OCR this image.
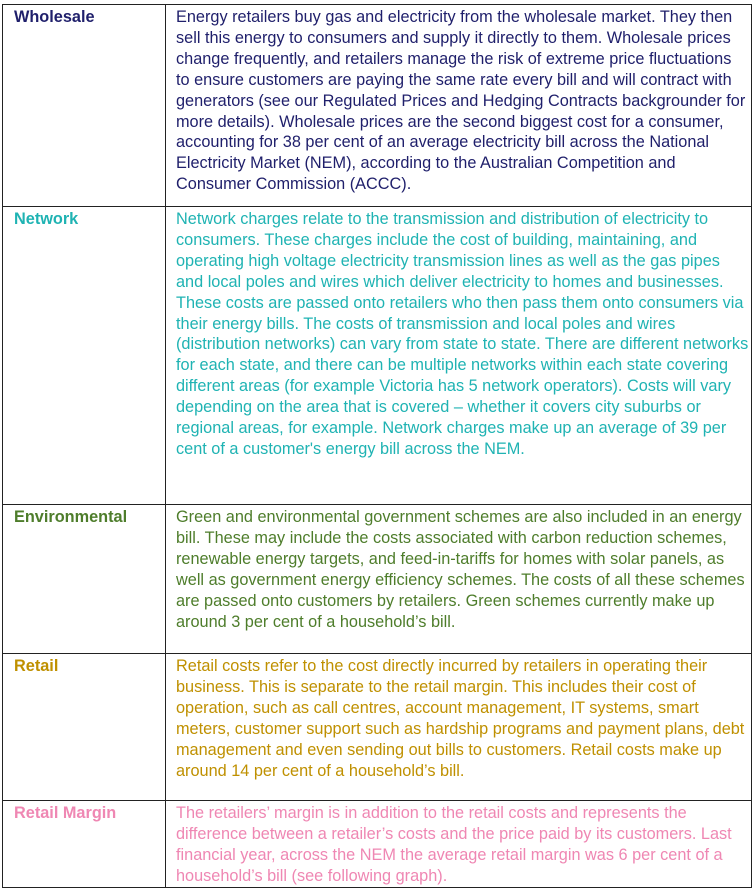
Wholesale	Energy retailers buy gas and electricity from the wholesale market. They then sell this energy to consumers and supply it directly to them. Wholesale prices change frequently, and retailers manage the risk of extreme price fluctuations to ensure customers are paying the same rate every bill and will contract with generators (see our Regulated Prices and Hedging Contracts backgrounder for more details). Wholesale prices are the second biggest cost for a consumer, accounting for 38 per cent of an average electricity bill across the National Electricity Market (NEM), according to the Australian Competition and Consumer Commission (ACCC).
Network	Network charges relate to the transmission and distribution of electricity to consumers. These charges include the cost of building, maintaining, and operating high voltage electricity transmission lines as well as the gas pipes and local poles and wires which deliver electricity to homes and businesses. These costs are passed onto retailers who then pass them onto consumers via their energy bills. The costs of transmission and local poles and wires (distribution networks) can vary from state to state. There are different networks for each state, and there can be multiple networks within each state covering different areas (for example Victoria has 5 network operators). Costs will vary depending on the area that is covered – whether it covers city suburbs or regional areas, for example. Network charges make up an average of 39 per cent of a customer's energy bill across the NEM.
Environmental	Green and environmental government schemes are also included in an energy bill. These may include the costs associated with carbon reduction schemes, renewable energy targets, and feed-in-tariffs for homes with solar panels, as well as government energy efficiency schemes. The costs of all these schemes are passed onto customers by retailers. Green schemes currently make up around 3 per cent of a household’s bill.
Retail	Retail costs refer to the cost directly incurred by retailers in operating their business. This is separate to the retail margin. This includes their cost of operation, such as call centres, account management, IT systems, smart meters, customer support such as hardship programs and payment plans, debt management and even sending out bills to customers. Retail costs make up around 14 per cent of a household’s bill.
Retail Margin	The retailers’ margin is in addition to the retail costs and represents the difference between a retailer’s costs and the price paid by its customers. Last financial year, across the NEM the average retail margin was 6 per cent of a household’s bill (see following graph).
